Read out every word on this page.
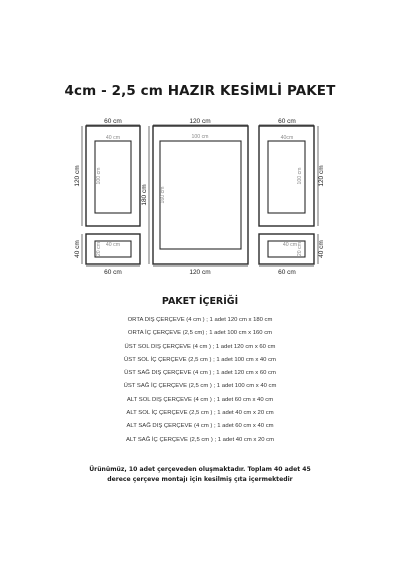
4cm - 2,5 cm HAZIR KESİMLİ PAKET
60 cm
40 cm
120 cm	100 cm
40 cm
20 cm
40 cm
60 cm
120 cm
100 cm
180 cm 160 cm
120 cm
60 cm
40cm
100 cm 120 cm
40 cm 20 cm 40 cm
60 cm
PAKET İÇERİĞİ
ORTA DIŞ ÇERÇEVE (4 cm ) ; 1 adet 120 cm x 180 cm
ORTA İÇ ÇERÇEVE (2,5 cm) ; 1 adet 100 cm x 160 cm
ÜST SOL DIŞ ÇERÇEVE (4 cm ) ; 1 adet 120 cm x 60 cm
ÜST SOL İÇ ÇERÇEVE (2,5 cm ) ; 1 adet 100 cm x 40 cm
ÜST SAĞ DIŞ ÇERÇEVE (4 cm ) ; 1 adet 120 cm x 60 cm
ÜST SAĞ İÇ ÇERÇEVE (2,5 cm ) ; 1 adet 100 cm x 40 cm
ALT SOL DIŞ ÇERÇEVE (4 cm ) ; 1 adet 60 cm x 40 cm
ALT SOL İÇ ÇERÇEVE (2,5 cm ) ; 1 adet 40 cm x 20 cm
ALT SAĞ DIŞ ÇERÇEVE (4 cm ) ; 1 adet 60 cm x 40 cm
ALT SAĞ İÇ ÇERÇEVE (2,5 cm ) ; 1 adet 40 cm x 20 cm
Ürünümüz, 10 adet çerçeveden oluşmaktadır. Toplam 40 adet 45
derece çerçeve montajı için kesilmiş çıta içermektedir
